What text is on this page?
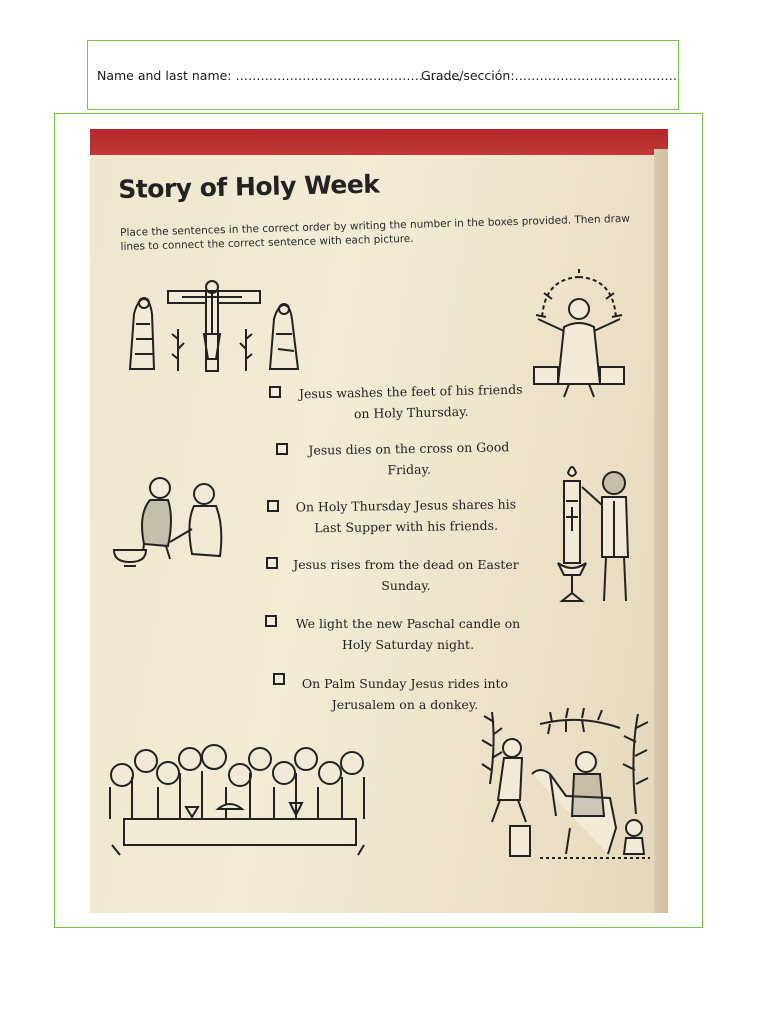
Name and last name: ………………………………………………
Grade/sección:…………………………………
Story of Holy Week
Place the sentences in the correct order by writing the number in the boxes provided. Then draw lines to connect the correct sentence with each picture.
Jesus washes the feet of his friends
on Holy Thursday.
Jesus dies on the cross on Good
Friday.
On Holy Thursday Jesus shares his
Last Supper with his friends.
Jesus rises from the dead on Easter
Sunday.
We light the new Paschal candle on
Holy Saturday night.
On Palm Sunday Jesus rides into
Jerusalem on a donkey.
